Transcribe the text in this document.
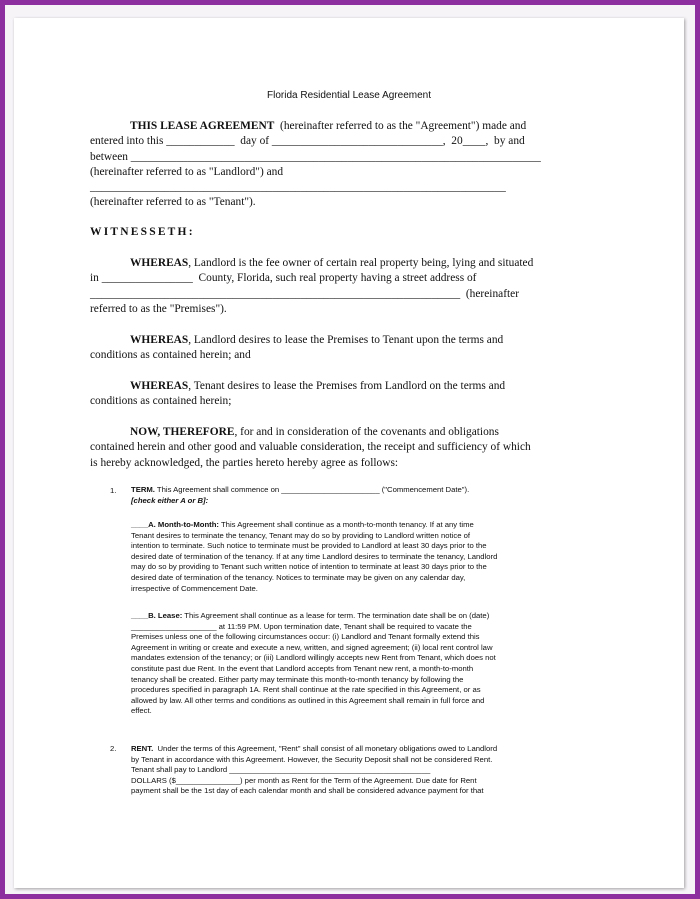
Florida Residential Lease Agreement
THIS LEASE AGREEMENT  (hereinafter referred to as the "Agreement") made and
entered into this ____________  day of ______________________________,  20____,  by and
between ________________________________________________________________________
(hereinafter referred to as "Landlord") and
_________________________________________________________________________
(hereinafter referred to as "Tenant").
WITNESSETH:
WHEREAS, Landlord is the fee owner of certain real property being, lying and situated
in ________________  County, Florida, such real property having a street address of
_________________________________________________________________  (hereinafter
referred to as the "Premises").
WHEREAS, Landlord desires to lease the Premises to Tenant upon the terms and
conditions as contained herein; and
WHEREAS, Tenant desires to lease the Premises from Landlord on the terms and
conditions as contained herein;
NOW, THEREFORE, for and in consideration of the covenants and obligations
contained herein and other good and valuable consideration, the receipt and sufficiency of which
is hereby acknowledged, the parties hereto hereby agree as follows:
1. TERM. This Agreement shall commence on _______________________ ("Commencement Date").
[check either A or B]:
____A. Month-to-Month: This Agreement shall continue as a month-to-month tenancy. If at any time
Tenant desires to terminate the tenancy, Tenant may do so by providing to Landlord written notice of
intention to terminate. Such notice to terminate must be provided to Landlord at least 30 days prior to the
desired date of termination of the tenancy. If at any time Landlord desires to terminate the tenancy, Landlord
may do so by providing to Tenant such written notice of intention to terminate at least 30 days prior to the
desired date of termination of the tenancy. Notices to terminate may be given on any calendar day,
irrespective of Commencement Date.
____B. Lease: This Agreement shall continue as a lease for term. The termination date shall be on (date)
____________________ at 11:59 PM. Upon termination date, Tenant shall be required to vacate the
Premises unless one of the following circumstances occur: (i) Landlord and Tenant formally extend this
Agreement in writing or create and execute a new, written, and signed agreement; (ii) local rent control law
mandates extension of the tenancy; or (iii) Landlord willingly accepts new Rent from Tenant, which does not
constitute past due Rent. In the event that Landlord accepts from Tenant new rent, a month-to-month
tenancy shall be created. Either party may terminate this month-to-month tenancy by following the
procedures specified in paragraph 1A. Rent shall continue at the rate specified in this Agreement, or as
allowed by law. All other terms and conditions as outlined in this Agreement shall remain in full force and
effect.
2. RENT.  Under the terms of this Agreement, "Rent" shall consist of all monetary obligations owed to Landlord
by Tenant in accordance with this Agreement. However, the Security Deposit shall not be considered Rent.
Tenant shall pay to Landlord _______________________________________________
DOLLARS ($_______________) per month as Rent for the Term of the Agreement. Due date for Rent
payment shall be the 1st day of each calendar month and shall be considered advance payment for that
